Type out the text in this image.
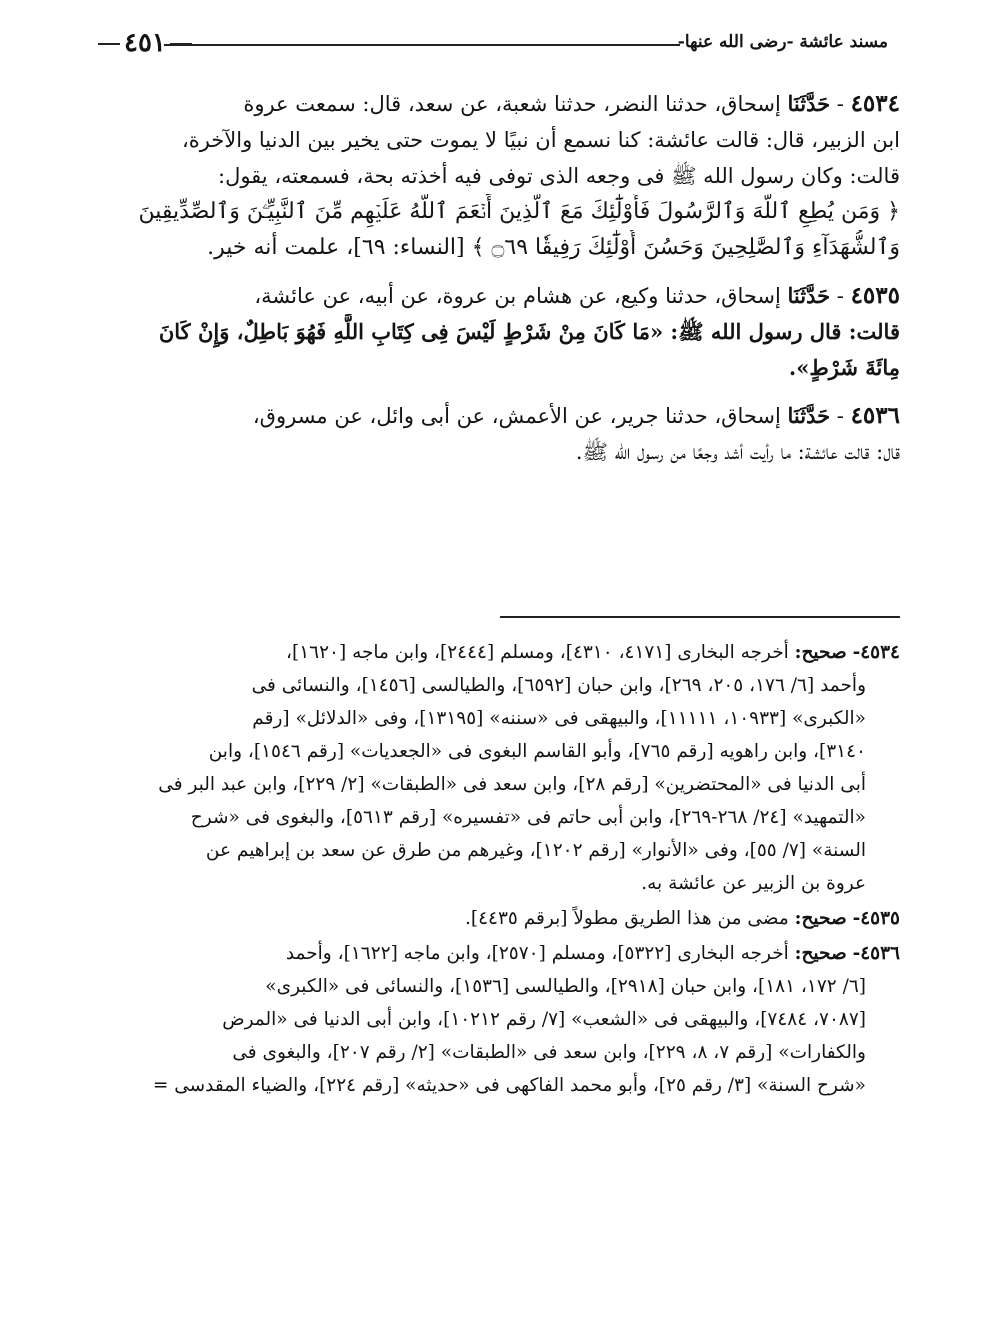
مسند عائشة -رضى الله عنها-
٤٥١
٤٥٣٤ - حَدَّثَنَا إسحاق، حدثنا النضر، حدثنا شعبة، عن سعد، قال: سمعت عروة
ابن الزبير، قال: قالت عائشة: كنا نسمع أن نبيًا لا يموت حتى يخير بين الدنيا والآخرة،
قالت: وكان رسول الله ﷺ فى وجعه الذى توفى فيه أخذته بحة، فسمعته، يقول:
﴿ وَمَن يُطِعِ ٱللَّهَ وَٱلرَّسُولَ فَأُوْلَٰٓئِكَ مَعَ ٱلَّذِينَ أَنۡعَمَ ٱللَّهُ عَلَيۡهِم مِّنَ ٱلنَّبِيِّـۧنَ وَٱلصِّدِّيقِينَ
وَٱلشُّهَدَآءِ وَٱلصَّٰلِحِينَ وَحَسُنَ أُوْلَٰٓئِكَ رَفِيقٗا ۝٦٩ ﴾ [النساء: ٦٩]، علمت أنه خير.
٤٥٣٥ - حَدَّثَنَا إسحاق، حدثنا وكيع، عن هشام بن عروة، عن أبيه، عن عائشة،
قالت: قال رسول الله ﷺ: «مَا كَانَ مِنْ شَرْطٍ لَيْسَ فِى كِتَابِ اللَّهِ فَهُوَ بَاطِلٌ، وَإِنْ كَانَ
مِائَةَ شَرْطٍ».
٤٥٣٦ - حَدَّثَنَا إسحاق، حدثنا جرير، عن الأعمش، عن أبى وائل، عن مسروق،
قال: قالت عائشة: ما رأيت أشد وجعًا من رسول الله ﷺ.
٤٥٣٤- صحيح: أخرجه البخارى [٤١٧١، ٤٣١٠]، ومسلم [٢٤٤٤]، وابن ماجه [١٦٢٠]،
وأحمد [٦/ ١٧٦، ٢٠٥، ٢٦٩]، وابن حبان [٦٥٩٢]، والطيالسى [١٤٥٦]، والنسائى فى
«الكبرى» [١٠٩٣٣، ١١١١١]، والبيهقى فى «سننه» [١٣١٩٥]، وفى «الدلائل» [رقم
٣١٤٠]، وابن راهويه [رقم ٧٦٥]، وأبو القاسم البغوى فى «الجعديات» [رقم ١٥٤٦]، وابن
أبى الدنيا فى «المحتضرين» [رقم ٢٨]، وابن سعد فى «الطبقات» [٢/ ٢٢٩]، وابن عبد البر فى
«التمهيد» [٢٤/ ٢٦٨-٢٦٩]، وابن أبى حاتم فى «تفسيره» [رقم ٥٦١٣]، والبغوى فى «شرح
السنة» [٧/ ٥٥]، وفى «الأنوار» [رقم ١٢٠٢]، وغيرهم من طرق عن سعد بن إبراهيم عن
عروة بن الزبير عن عائشة به.
٤٥٣٥- صحيح: مضى من هذا الطريق مطولاً [برقم ٤٤٣٥].
٤٥٣٦- صحيح: أخرجه البخارى [٥٣٢٢]، ومسلم [٢٥٧٠]، وابن ماجه [١٦٢٢]، وأحمد
[٦/ ١٧٢، ١٨١]، وابن حبان [٢٩١٨]، والطيالسى [١٥٣٦]، والنسائى فى «الكبرى»
[٧٠٨٧، ٧٤٨٤]، والبيهقى فى «الشعب» [٧/ رقم ١٠٢١٢]، وابن أبى الدنيا فى «المرض
والكفارات» [رقم ٧، ٨، ٢٢٩]، وابن سعد فى «الطبقات» [٢/ رقم ٢٠٧]، والبغوى فى
«شرح السنة» [٣/ رقم ٢٥]، وأبو محمد الفاكهى فى «حديثه» [رقم ٢٢٤]، والضياء المقدسى =
